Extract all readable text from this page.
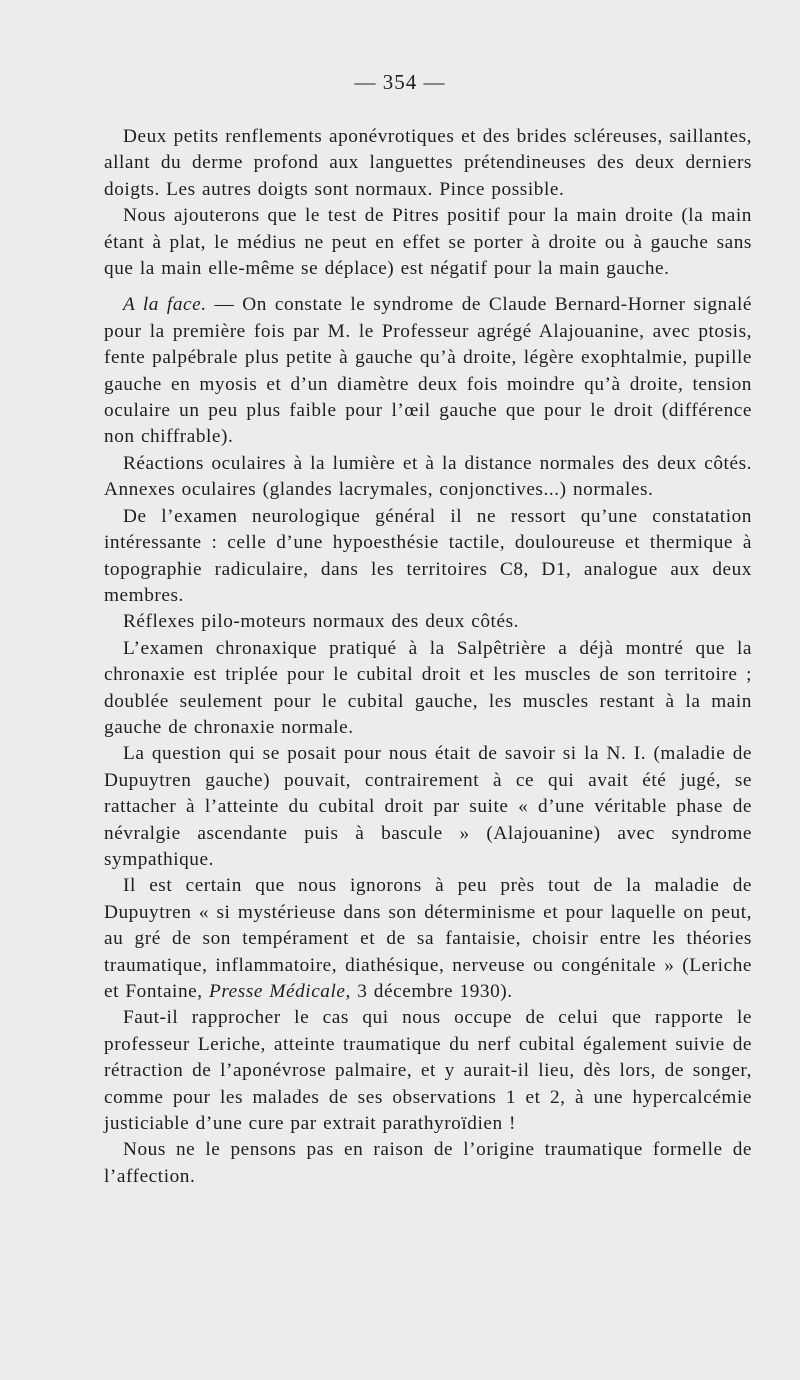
— 354 —

Deux petits renflements aponévrotiques et des brides scléreuses, saillantes, allant du derme profond aux languettes prétendineuses des deux derniers doigts. Les autres doigts sont normaux. Pince possible.

Nous ajouterons que le test de Pitres positif pour la main droite (la main étant à plat, le médius ne peut en effet se porter à droite ou à gauche sans que la main elle-même se déplace) est négatif pour la main gauche.

A la face. — On constate le syndrome de Claude Bernard-Horner signalé pour la première fois par M. le Professeur agrégé Alajouanine, avec ptosis, fente palpébrale plus petite à gauche qu’à droite, légère exophtalmie, pupille gauche en myosis et d’un diamètre deux fois moindre qu’à droite, tension oculaire un peu plus faible pour l’œil gauche que pour le droit (différence non chiffrable).

Réactions oculaires à la lumière et à la distance normales des deux côtés. Annexes oculaires (glandes lacrymales, conjonctives...) normales.

De l’examen neurologique général il ne ressort qu’une constatation intéressante : celle d’une hypoesthésie tactile, douloureuse et thermique à topographie radiculaire, dans les territoires C8, D1, analogue aux deux membres.

Réflexes pilo-moteurs normaux des deux côtés.

L’examen chronaxique pratiqué à la Salpêtrière a déjà montré que la chronaxie est triplée pour le cubital droit et les muscles de son territoire ; doublée seulement pour le cubital gauche, les muscles restant à la main gauche de chronaxie normale.

La question qui se posait pour nous était de savoir si la N. I. (maladie de Dupuytren gauche) pouvait, contrairement à ce qui avait été jugé, se rattacher à l’atteinte du cubital droit par suite « d’une véritable phase de névralgie ascendante puis à bascule » (Alajouanine) avec syndrome sympathique.

Il est certain que nous ignorons à peu près tout de la maladie de Dupuytren « si mystérieuse dans son déterminisme et pour laquelle on peut, au gré de son tempérament et de sa fantaisie, choisir entre les théories traumatique, inflammatoire, diathésique, nerveuse ou congénitale » (Leriche et Fontaine, Presse Médicale, 3 décembre 1930).

Faut-il rapprocher le cas qui nous occupe de celui que rapporte le professeur Leriche, atteinte traumatique du nerf cubital également suivie de rétraction de l’aponévrose palmaire, et y aurait-il lieu, dès lors, de songer, comme pour les malades de ses observations 1 et 2, à une hypercalcémie justiciable d’une cure par extrait parathyroïdien !

Nous ne le pensons pas en raison de l’origine traumatique formelle de l’affection.
